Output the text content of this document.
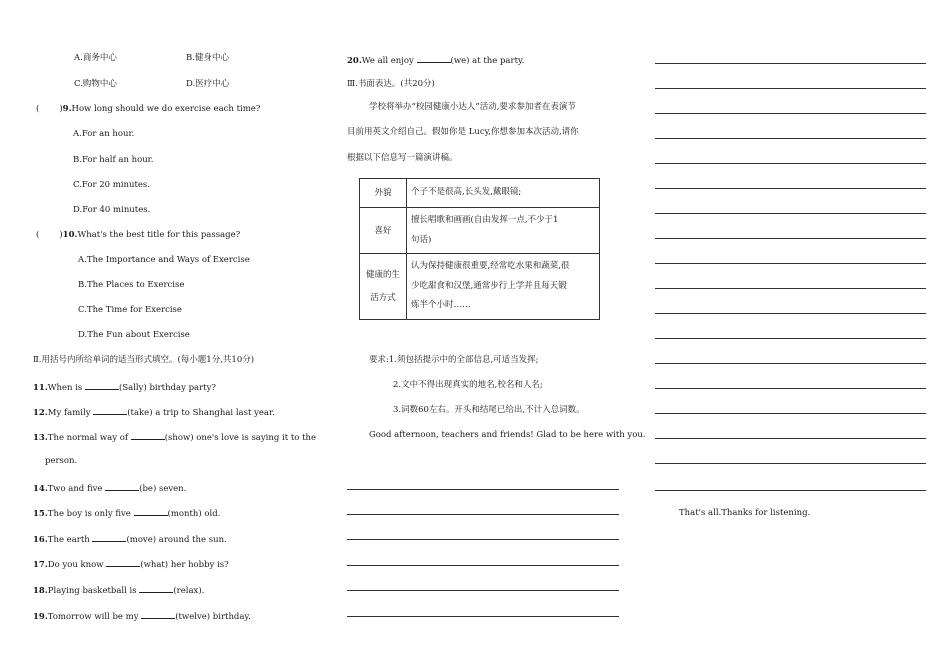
A.商务中心	B.健身中心
C.购物中心	D.医疗中心
( )9.How long should we do exercise each time?
A.For an hour.
B.For half an hour.
C.For 20 minutes.
D.For 40 minutes.
( )10.What's the best title for this passage?
A.The Importance and Ways of Exercise
B.The Places to Exercise
C.The Time for Exercise
D.The Fun about Exercise
Ⅱ.用括号内所给单词的适当形式填空。(每小题1分,共10分)
11.When is	(Sally) birthday party?
12.My family	(take) a trip to Shanghai last year.
13.The normal way of	(show) one's love is saying it to the
person.
14.Two and five	(be) seven.
15.The boy is only five	(month) old.
16.The earth	(move) around the sun.
17.Do you know	(what) her hobby is?
18.Playing basketball is	(relax).
19.Tomorrow will be my	(twelve) birthday.
20.We all enjoy	(we) at the party.
Ⅲ.书面表达。(共20分)
学校将举办“校园健康小达人”活动,要求参加者在表演节
目前用英文介绍自己。假如你是 Lucy,你想参加本次活动,请你
根据以下信息写一篇演讲稿。
外貌	个子不是很高,长头发,戴眼镜;
喜好	擅长唱歌和画画(自由发挥一点,不少于1
句话)
健康的生活方式	认为保持健康很重要,经常吃水果和蔬菜,很
少吃甜食和汉堡,通常步行上学并且每天锻
炼半个小时……
要求:1.须包括提示中的全部信息,可适当发挥;
2.文中不得出现真实的地名,校名和人名;
3.词数60左右。开头和结尾已给出,不计入总词数。
Good afternoon, teachers and friends! Glad to be here with you.
That's all.Thanks for listening.
